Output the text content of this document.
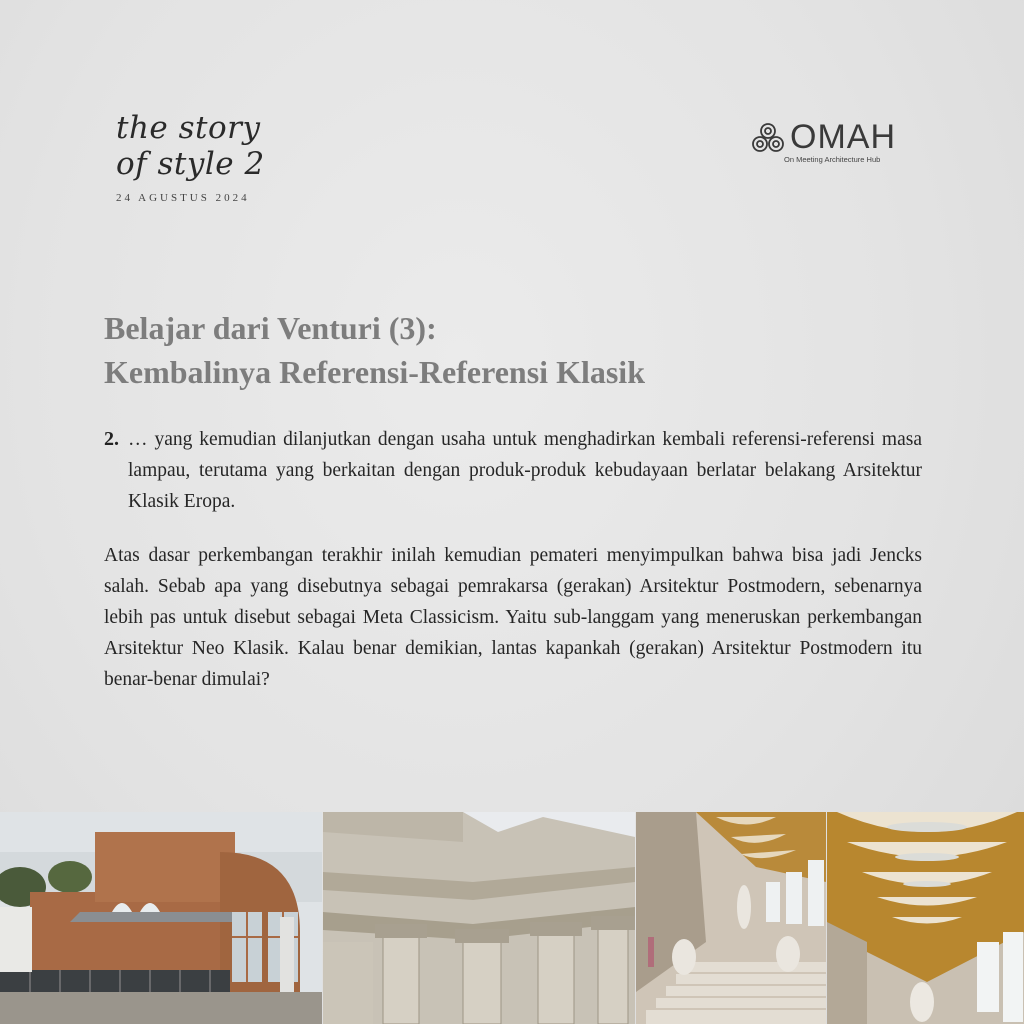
the story
of style 2
24 AGUSTUS 2024
OMAH
On Meeting Architecture Hub
Belajar dari Venturi (3):
Kembalinya Referensi-Referensi Klasik
2. … yang kemudian dilanjutkan dengan usaha untuk menghadirkan kembali referensi-referensi masa lampau, terutama yang berkaitan dengan produk-produk kebudayaan berlatar belakang Arsitektur Klasik Eropa.
Atas dasar perkembangan terakhir inilah kemudian pemateri menyimpulkan bahwa bisa jadi Jencks salah. Sebab apa yang disebutnya sebagai pemrakarsa (gerakan) Arsitektur Postmodern, sebenarnya lebih pas untuk disebut sebagai Meta Classicism. Yaitu sub-langgam yang meneruskan perkembangan Arsitektur Neo Klasik. Kalau benar demikian, lantas kapankah (gerakan) Arsitektur Postmodern itu benar-benar dimulai?
